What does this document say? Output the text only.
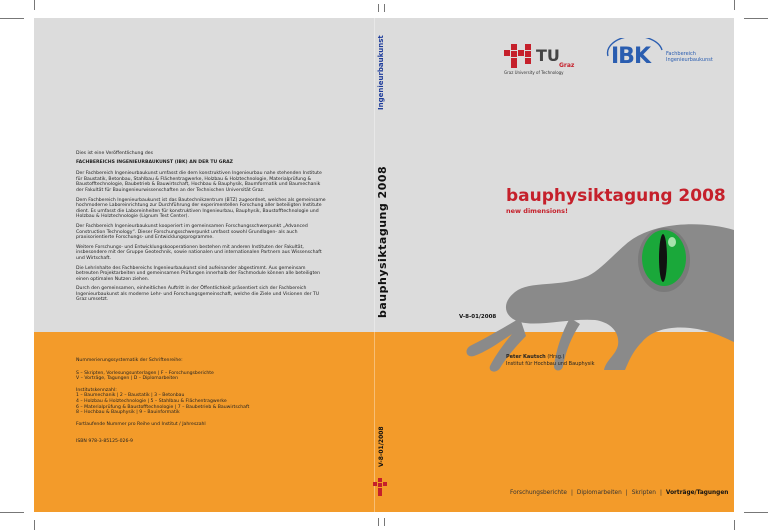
Dies ist eine Veröffentlichung des
FACHBEREICHS INGENIEURBAUKUNST (IBK) AN DER TU GRAZ
Der Fachbereich Ingenieurbaukunst umfasst die dem konstruktiven Ingenieurbau nahe stehenden Institute für Baustatik, Betonbau, Stahlbau & Flächentragwerke, Holzbau & Holztechnologie, Materialprüfung & Baustofftechnologie, Baubetrieb & Bauwirtschaft, Hochbau & Bauphysik, Baumformatik und Baumechanik der Fakultät für Bauingenieurwissenschaften an der Technischen Universität Graz.
Dem Fachbereich Ingenieurbaukunst ist das Bautechnikzentrum (BTZ) zugeordnet, welches als gemeinsame hochmoderne Laboreinrichtung zur Durchführung der experimentellen Forschung aller beteiligten Institute dient. Es umfasst die Laboreinheiten für konstruktiven Ingenieurbau, Bauphysik, Baustofftechnologie und Holzbau & Holztechnologie (Lignum Test Center).
Der Fachbereich Ingenieurbaukunst kooperiert im gemeinsamen Forschungsschwerpunkt „Advanced Construction Technology“. Dieser Forschungsschwerpunkt umfasst sowohl Grundlagen- als auch praxisorientierte Forschungs- und Entwicklungsprogramme.
Weitere Forschungs- und Entwicklungskooperationen bestehen mit anderen Instituten der Fakultät, insbesondere mit der Gruppe Geotechnik, sowie nationalen und internationalen Partnern aus Wissenschaft und Wirtschaft.
Die Lehrinhalte des Fachbereichs Ingenieurbaukunst sind aufeinander abgestimmt. Aus gemeinsam betreuten Projektarbeiten und gemeinsamen Prüfungen innerhalb der Fachmodule können alle beteiligten einen optimalen Nutzen ziehen.
Durch den gemeinsamen, einheitlichen Auftritt in der Öffentlichkeit präsentiert sich der Fachbereich Ingenieurbaukunst als moderne Lehr- und Forschungsgemeinschaft, welche die Ziele und Visionen der TU Graz umsetzt.
Nummerierungssystematik der Schriftenreihe:
S – Skripten, Vorlesungsunterlagen | F – Forschungsberichte
V – Vorträge, Tagungen | D – Diplomarbeiten
Institutskennzahl:
1 – Baumechanik | 2 – Baustatik | 3 – Betonbau
4 – Holzbau & Holztechnologie | 5 – Stahlbau & Flächentragwerke
6 – Materialprüfung & Baustofftechnologie | 7 – Baubetrieb & Bauwirtschaft
8 – Hochbau & Bauphysik | 9 – Bauinformatik
Fortlaufende Nummer pro Reihe und Institut / Jahreszahl
ISBN 978-3-85125-026-9
Ingenieurbaukunst
bauphysiktagung 2008
V-8-01/2008
TU
Graz
Graz University of Technology
IBK	Fachbereich
Ingenieurbaukunst
bauphysiktagung 2008
new dimensions!
V-8-01/2008
Peter Kautsch (Hrsg.)
Institut für Hochbau und Bauphysik
Forschungsberichte | Diplomarbeiten | Skripten | Vorträge/Tagungen
